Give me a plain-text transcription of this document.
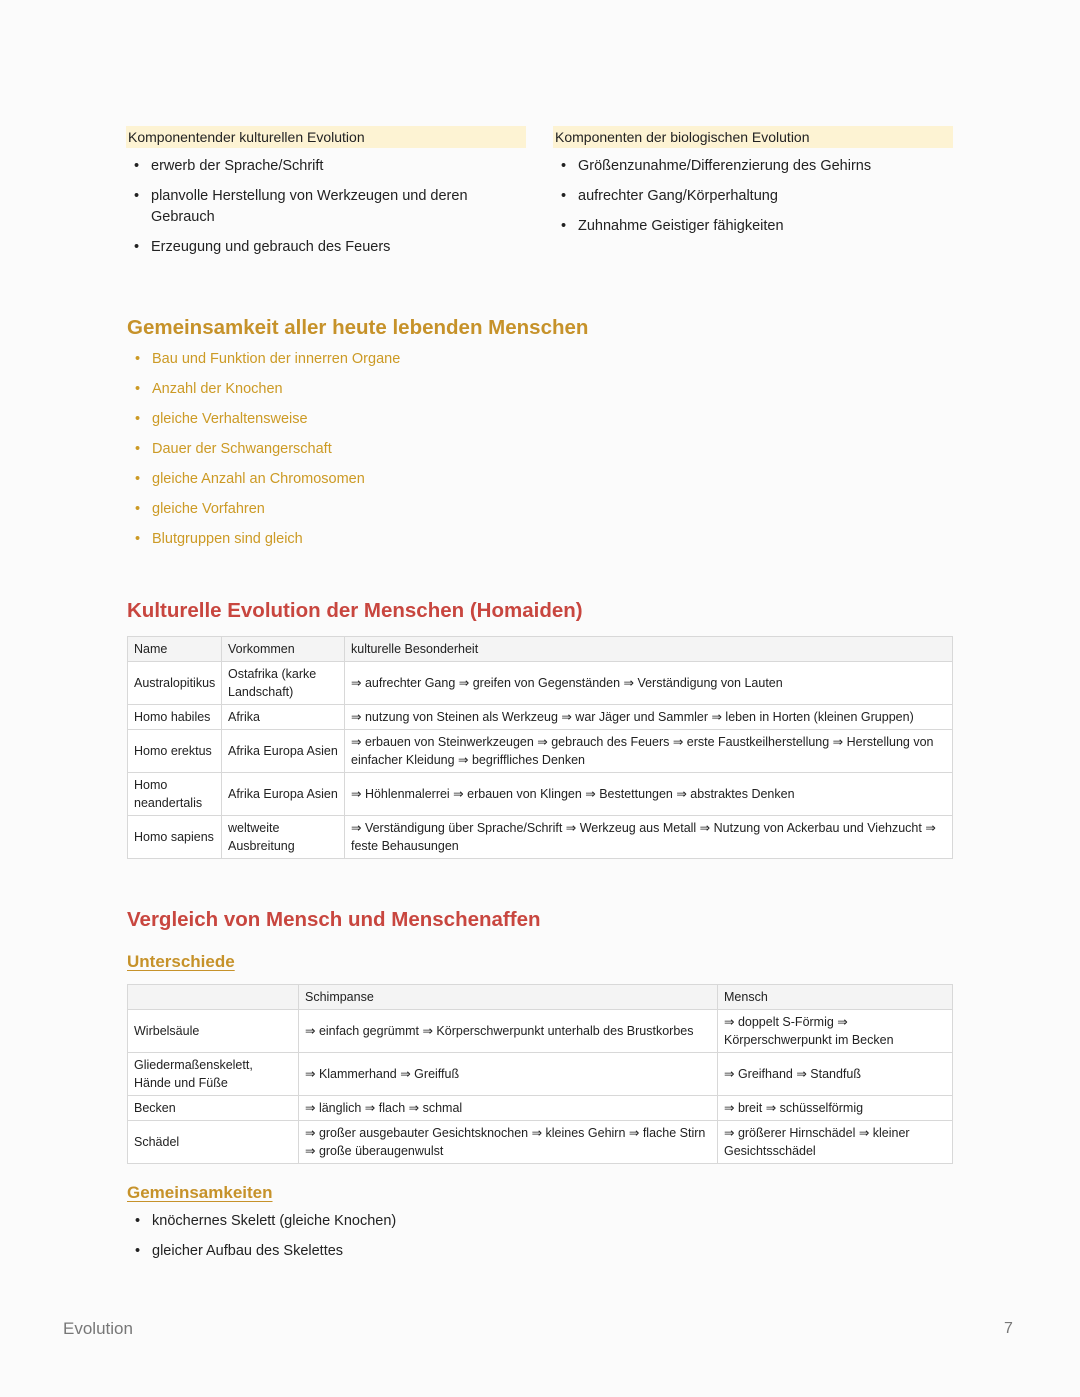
Komponentender kulturellen Evolution
• erwerb der Sprache/Schrift
• planvolle Herstellung von Werkzeugen und deren Gebrauch
• Erzeugung und gebrauch des Feuers
Komponenten der biologischen Evolution
• Größenzunahme/Differenzierung des Gehirns
• aufrechter Gang/Körperhaltung
• Zuhnahme Geistiger fähigkeiten
Gemeinsamkeit aller heute lebenden Menschen
• Bau und Funktion der innerren Organe
• Anzahl der Knochen
• gleiche Verhaltensweise
• Dauer der Schwangerschaft
• gleiche Anzahl an Chromosomen
• gleiche Vorfahren
• Blutgruppen sind gleich
Kulturelle Evolution der Menschen (Homaiden)
Name	Vorkommen	kulturelle Besonderheit
Australopitikus	Ostafrika (karke Landschaft)	⇒ aufrechter Gang ⇒ greifen von Gegenständen ⇒ Verständigung von Lauten
Homo habiles	Afrika	⇒ nutzung von Steinen als Werkzeug ⇒ war Jäger und Sammler ⇒ leben in Horten (kleinen Gruppen)
Homo erektus	Afrika Europa Asien	⇒ erbauen von Steinwerkzeugen ⇒ gebrauch des Feuers ⇒ erste Faustkeilherstellung ⇒ Herstellung von einfacher Kleidung ⇒ begriffliches Denken
Homo neandertalis	Afrika Europa Asien	⇒ Höhlenmalerrei ⇒ erbauen von Klingen ⇒ Bestettungen ⇒ abstraktes Denken
Homo sapiens	weltweite Ausbreitung	⇒ Verständigung über Sprache/Schrift ⇒ Werkzeug aus Metall ⇒ Nutzung von Ackerbau und Viehzucht ⇒ feste Behausungen
Vergleich von Mensch und Menschenaffen
Unterschiede
	Schimpanse	Mensch
Wirbelsäule	⇒ einfach gegrümmt ⇒ Körperschwerpunkt unterhalb des Brustkorbes	⇒ doppelt S-Förmig ⇒ Körperschwerpunkt im Becken
Gliedermaßenskelett, Hände und Füße	⇒ Klammerhand ⇒ Greiffuß	⇒ Greifhand ⇒ Standfuß
Becken	⇒ länglich ⇒ flach ⇒ schmal	⇒ breit ⇒ schüsselförmig
Schädel	⇒ großer ausgebauter Gesichtsknochen ⇒ kleines Gehirn ⇒ flache Stirn ⇒ große überaugenwulst	⇒ größerer Hirnschädel ⇒ kleiner Gesichtsschädel
Gemeinsamkeiten
• knöchernes Skelett (gleiche Knochen)
• gleicher Aufbau des Skelettes
Evolution	7
